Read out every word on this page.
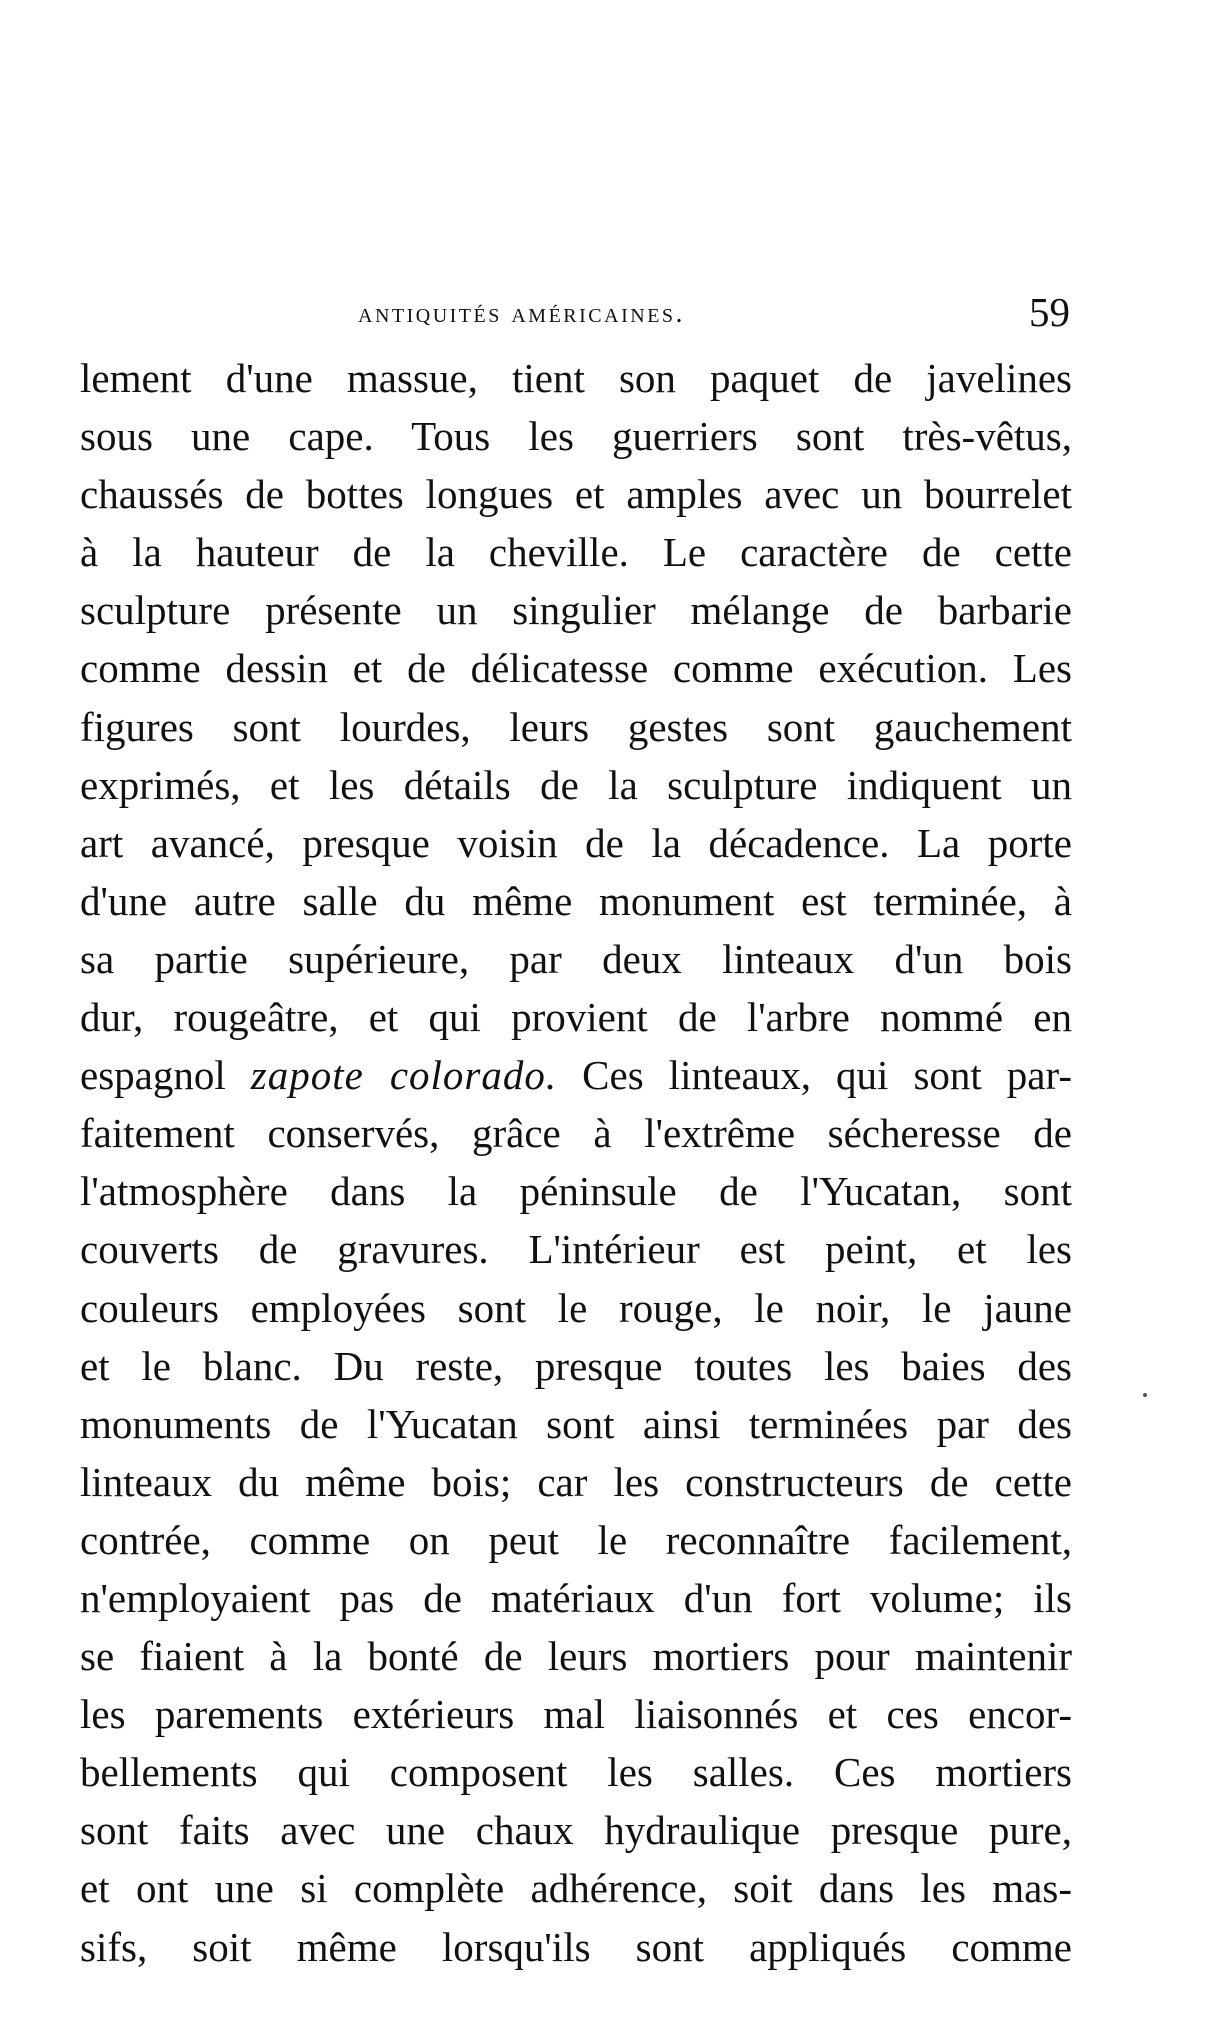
antiquités américaines.	59
lement d'une massue, tient son paquet de javelines
sous une cape. Tous les guerriers sont très-vêtus,
chaussés de bottes longues et amples avec un bourrelet
à la hauteur de la cheville. Le caractère de cette
sculpture présente un singulier mélange de barbarie
comme dessin et de délicatesse comme exécution. Les
figures sont lourdes, leurs gestes sont gauchement
exprimés, et les détails de la sculpture indiquent un
art avancé, presque voisin de la décadence. La porte
d'une autre salle du même monument est terminée, à
sa partie supérieure, par deux linteaux d'un bois
dur, rougeâtre, et qui provient de l'arbre nommé en
espagnol zapote colorado. Ces linteaux, qui sont par-
faitement conservés, grâce à l'extrême sécheresse de
l'atmosphère dans la péninsule de l'Yucatan, sont
couverts de gravures. L'intérieur est peint, et les
couleurs employées sont le rouge, le noir, le jaune
et le blanc. Du reste, presque toutes les baies des
monuments de l'Yucatan sont ainsi terminées par des
linteaux du même bois; car les constructeurs de cette
contrée, comme on peut le reconnaître facilement,
n'employaient pas de matériaux d'un fort volume; ils
se fiaient à la bonté de leurs mortiers pour maintenir
les parements extérieurs mal liaisonnés et ces encor-
bellements qui composent les salles. Ces mortiers
sont faits avec une chaux hydraulique presque pure,
et ont une si complète adhérence, soit dans les mas-
sifs, soit même lorsqu'ils sont appliqués comme
